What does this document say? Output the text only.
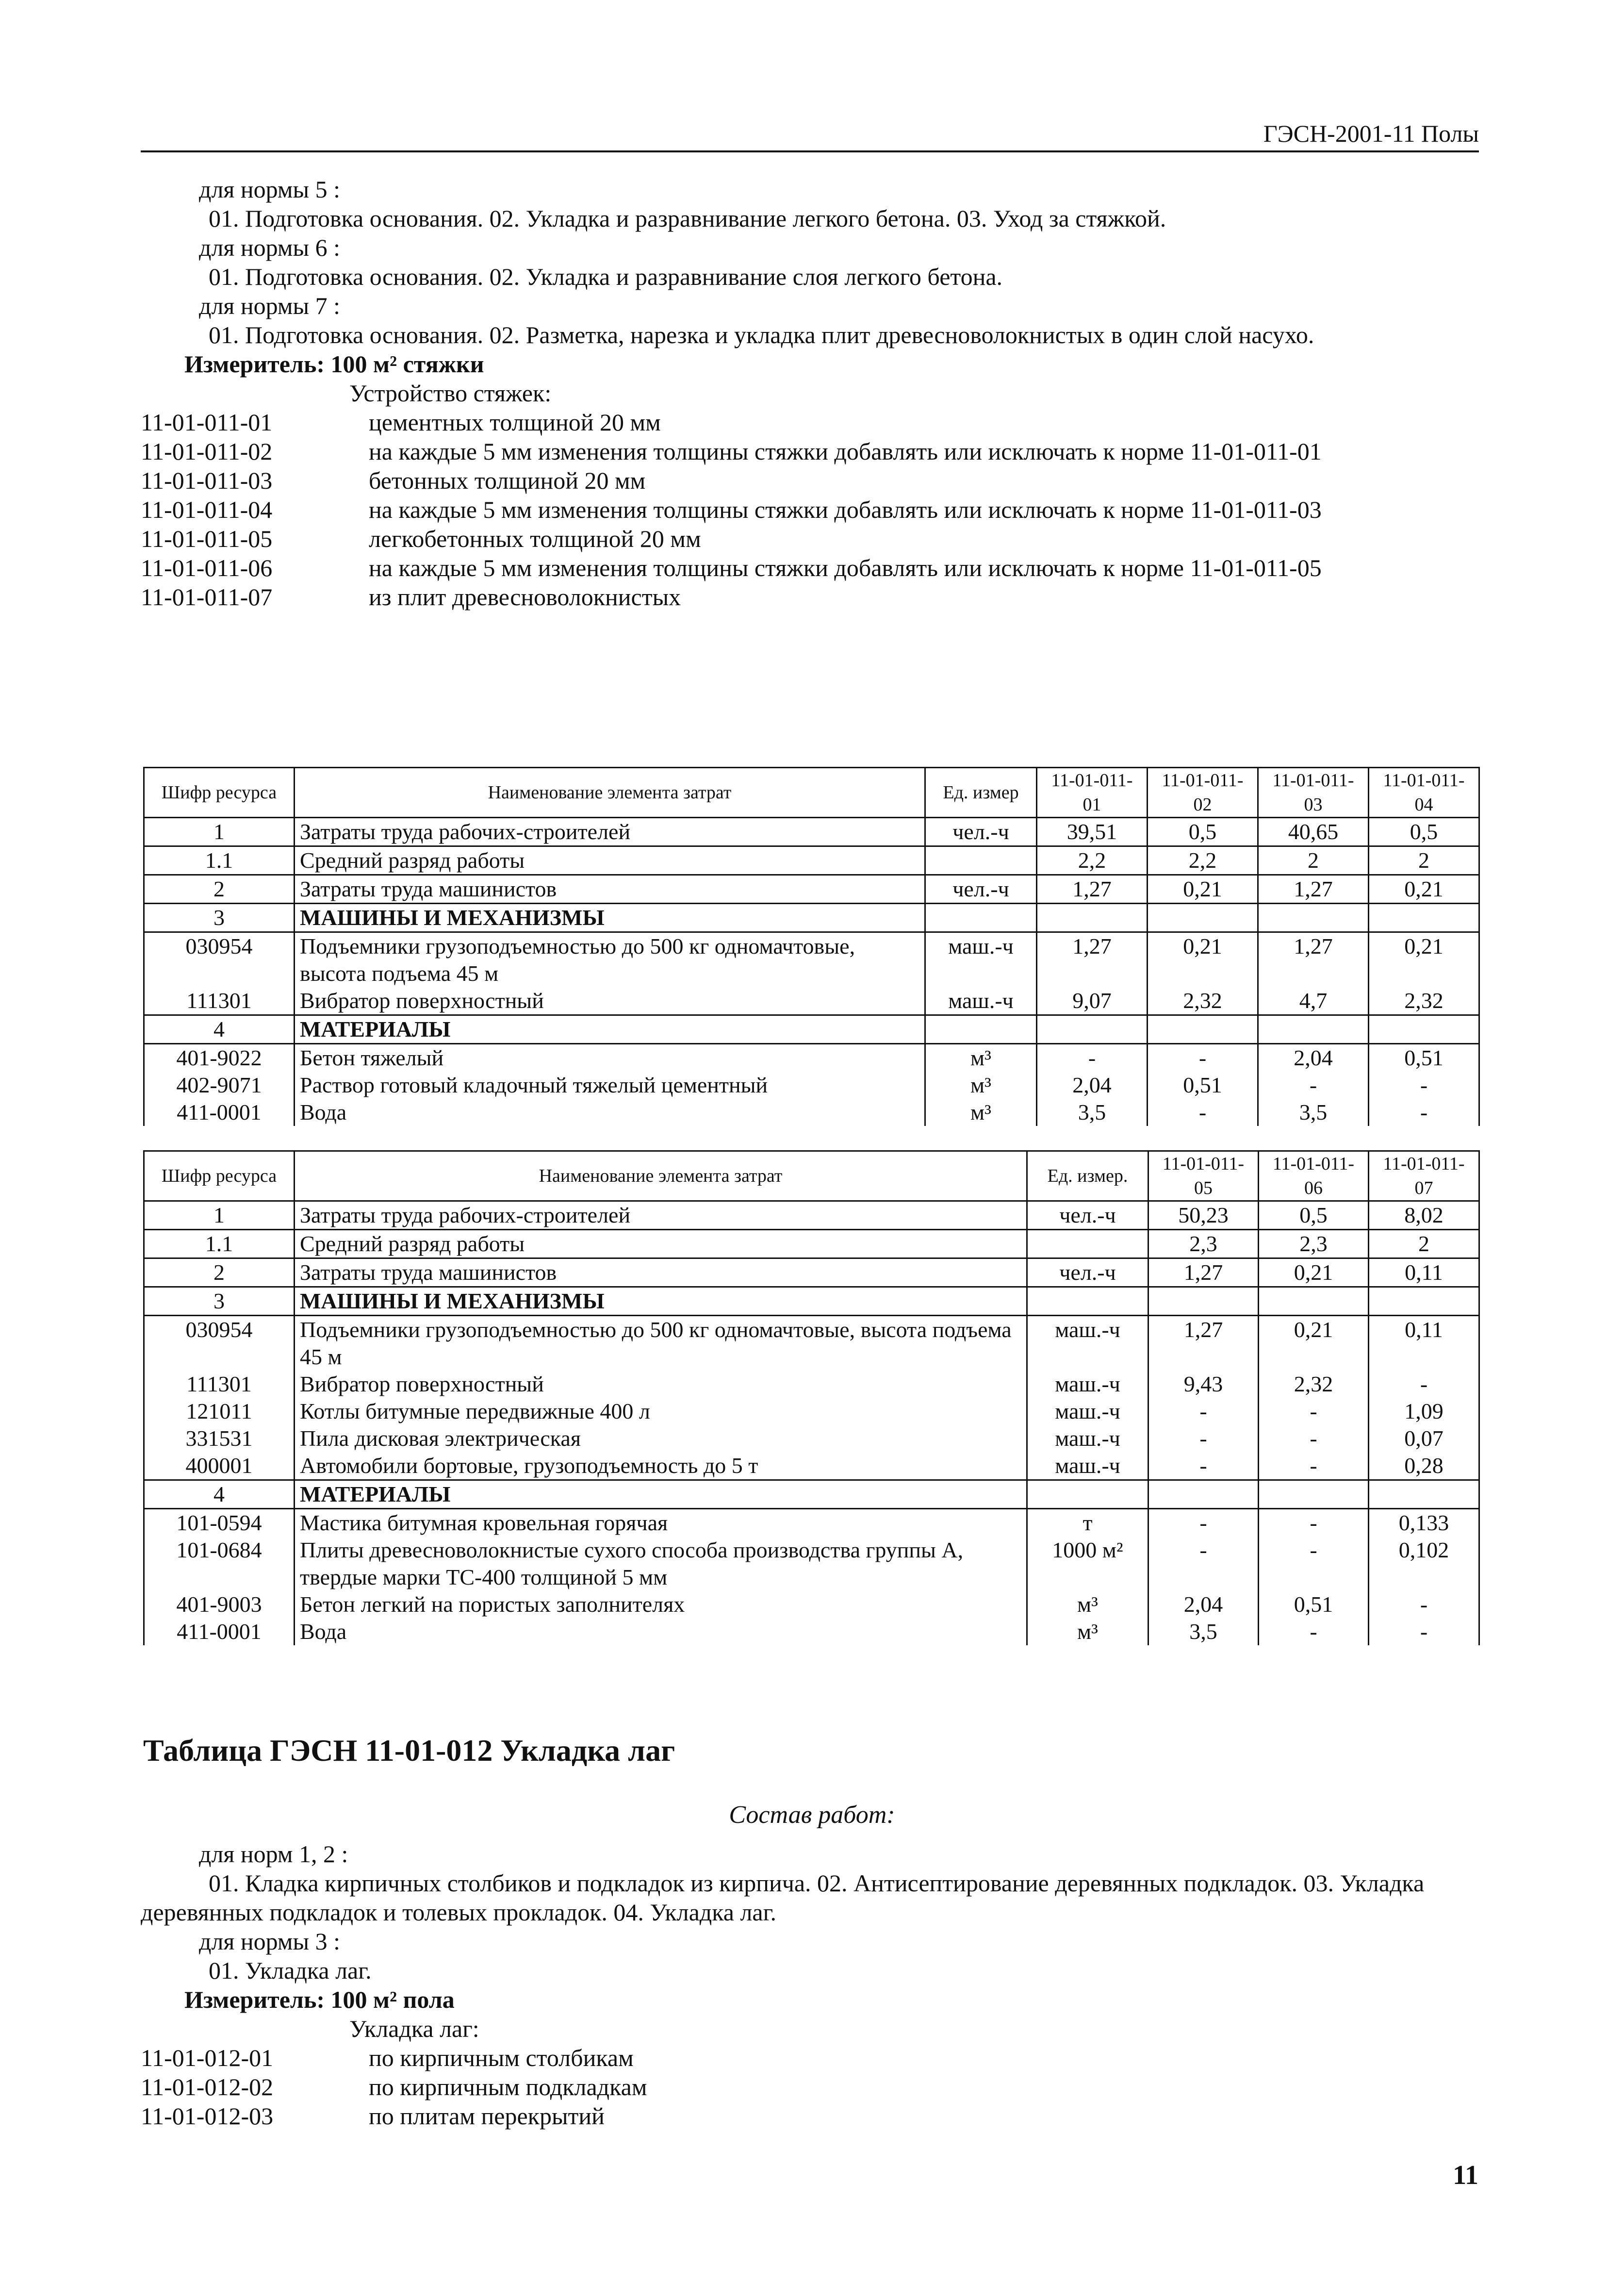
ГЭСН-2001-11 Полы
для нормы 5 :
01. Подготовка основания. 02. Укладка и разравнивание легкого бетона. 03. Уход за стяжкой.
для нормы 6 :
01. Подготовка основания. 02. Укладка и разравнивание слоя легкого бетона.
для нормы 7 :
01. Подготовка основания. 02. Разметка, нарезка и укладка плит древесноволокнистых в один слой насухо.
Измеритель: 100 м² стяжки
Устройство стяжек:
11-01-011-01	цементных толщиной 20 мм
11-01-011-02	на каждые 5 мм изменения толщины стяжки добавлять или исключать к норме 11-01-011-01
11-01-011-03	бетонных толщиной 20 мм
11-01-011-04	на каждые 5 мм изменения толщины стяжки добавлять или исключать к норме 11-01-011-03
11-01-011-05	легкобетонных толщиной 20 мм
11-01-011-06	на каждые 5 мм изменения толщины стяжки добавлять или исключать к норме 11-01-011-05
11-01-011-07	из плит древесноволокнистых
Шифр ресурса	Наименование элемента затрат	Ед. измер	11-01-011-01	11-01-011-02	11-01-011-03	11-01-011-04
1	Затраты труда рабочих-строителей	чел.-ч	39,51	0,5	40,65	0,5
1.1	Средний разряд работы		2,2	2,2	2	2
2	Затраты труда машинистов	чел.-ч	1,27	0,21	1,27	0,21
3	МАШИНЫ И МЕХАНИЗМЫ					
030954	Подъемники грузоподъемностью до 500 кг одномачтовые, высота подъема 45 м	маш.-ч	1,27	0,21	1,27	0,21
111301	Вибратор поверхностный	маш.-ч	9,07	2,32	4,7	2,32
4	МАТЕРИАЛЫ					
401-9022	Бетон тяжелый	м³	-	-	2,04	0,51
402-9071	Раствор готовый кладочный тяжелый цементный	м³	2,04	0,51	-	-
411-0001	Вода	м³	3,5	-	3,5	-
Шифр ресурса	Наименование элемента затрат	Ед. измер.	11-01-011-05	11-01-011-06	11-01-011-07
1	Затраты труда рабочих-строителей	чел.-ч	50,23	0,5	8,02
1.1	Средний разряд работы		2,3	2,3	2
2	Затраты труда машинистов	чел.-ч	1,27	0,21	0,11
3	МАШИНЫ И МЕХАНИЗМЫ				
030954	Подъемники грузоподъемностью до 500 кг одномачтовые, высота подъема 45 м	маш.-ч	1,27	0,21	0,11
111301	Вибратор поверхностный	маш.-ч	9,43	2,32	-
121011	Котлы битумные передвижные 400 л	маш.-ч	-	-	1,09
331531	Пила дисковая электрическая	маш.-ч	-	-	0,07
400001	Автомобили бортовые, грузоподъемность до 5 т	маш.-ч	-	-	0,28
4	МАТЕРИАЛЫ				
101-0594	Мастика битумная кровельная горячая	т	-	-	0,133
101-0684	Плиты древесноволокнистые сухого способа производства группы А, твердые марки ТС-400 толщиной 5 мм	1000 м²	-	-	0,102
401-9003	Бетон легкий на пористых заполнителях	м³	2,04	0,51	-
411-0001	Вода	м³	3,5	-	-
Таблица ГЭСН 11-01-012 Укладка лаг
Состав работ:
для норм 1, 2 :
01. Кладка кирпичных столбиков и подкладок из кирпича. 02. Антисептирование деревянных подкладок. 03. Укладка деревянных подкладок и толевых прокладок. 04. Укладка лаг.
для нормы 3 :
01. Укладка лаг.
Измеритель: 100 м² пола
Укладка лаг:
11-01-012-01	по кирпичным столбикам
11-01-012-02	по кирпичным подкладкам
11-01-012-03	по плитам перекрытий
11
